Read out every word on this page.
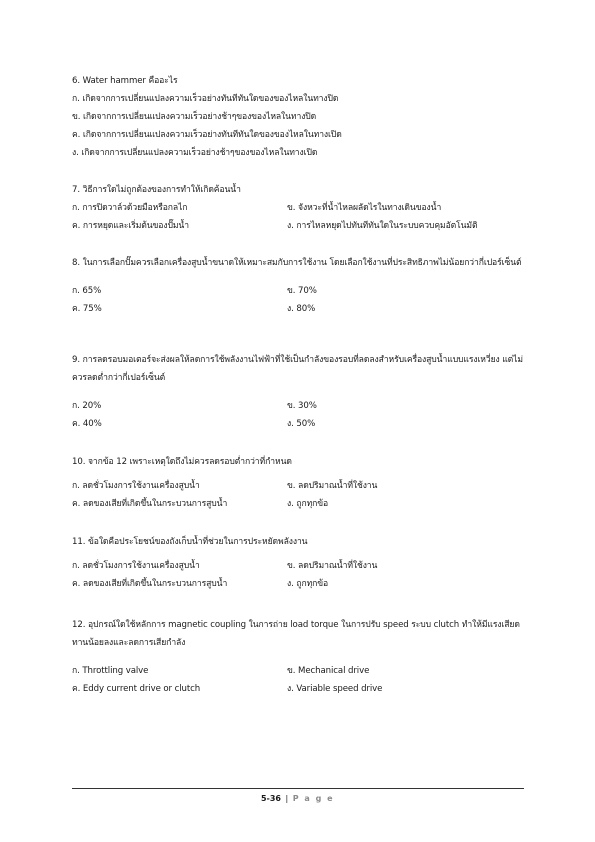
6. Water hammer คืออะไร
ก. เกิดจากการเปลี่ยนแปลงความเร็วอย่างทันทีทันใดของของไหลในทางปิด
ข. เกิดจากการเปลี่ยนแปลงความเร็วอย่างช้าๆของของไหลในทางปิด
ค. เกิดจากการเปลี่ยนแปลงความเร็วอย่างทันทีทันใดของของไหลในทางเปิด
ง. เกิดจากการเปลี่ยนแปลงความเร็วอย่างช้าๆของของไหลในทางเปิด
7. วิธีการใดไม่ถูกต้องของการทำให้เกิดค้อนน้ำ
ก. การปิดวาล์วด้วยมือหรือกลไก	ข. จังหวะที่น้ำไหลผลัดไรในทางเดินของน้ำ
ค. การหยุดและเริ่มต้นของปั๊มน้ำ	ง. การไหลหยุดไปทันทีทันใดในระบบควบคุมอัตโนมัติ
8. ในการเลือกปั๊มควรเลือกเครื่องสูบน้ำขนาดให้เหมาะสมกับการใช้งาน โดยเลือกใช้งานที่ประสิทธิภาพไม่น้อยกว่ากี่เปอร์เซ็นต์
ก. 65%	ข. 70%
ค. 75%	ง. 80%
9. การลดรอบมอเตอร์จะส่งผลให้ลดการใช้พลังงานไฟฟ้าที่ใช้เป็นกำลังของรอบที่ลดลงสำหรับเครื่องสูบน้ำแบบแรงเหวี่ยง แต่ไม่ควรลดต่ำกว่ากี่เปอร์เซ็นต์
ก. 20%	ข. 30%
ค. 40%	ง. 50%
10. จากข้อ 12 เพราะเหตุใดถึงไม่ควรลดรอบต่ำกว่าที่กำหนด
ก. ลดชั่วโมงการใช้งานเครื่องสูบน้ำ	ข. ลดปริมาณน้ำที่ใช้งาน
ค. ลดของเสียที่เกิดขึ้นในกระบวนการสูบน้ำ	ง. ถูกทุกข้อ
11. ข้อใดคือประโยชน์ของถังเก็บน้ำที่ช่วยในการประหยัดพลังงาน
ก. ลดชั่วโมงการใช้งานเครื่องสูบน้ำ	ข. ลดปริมาณน้ำที่ใช้งาน
ค. ลดของเสียที่เกิดขึ้นในกระบวนการสูบน้ำ	ง. ถูกทุกข้อ
12. อุปกรณ์ใดใช้หลักการ magnetic coupling ในการถ่าย load torque ในการปรับ speed ระบบ clutch ทำให้มีแรงเสียดทานน้อยลงและลดการเสียกำลัง
ก. Throttling valve	ข. Mechanical drive
ค. Eddy current drive or clutch	ง. Variable speed drive
5-36 | P a g e
